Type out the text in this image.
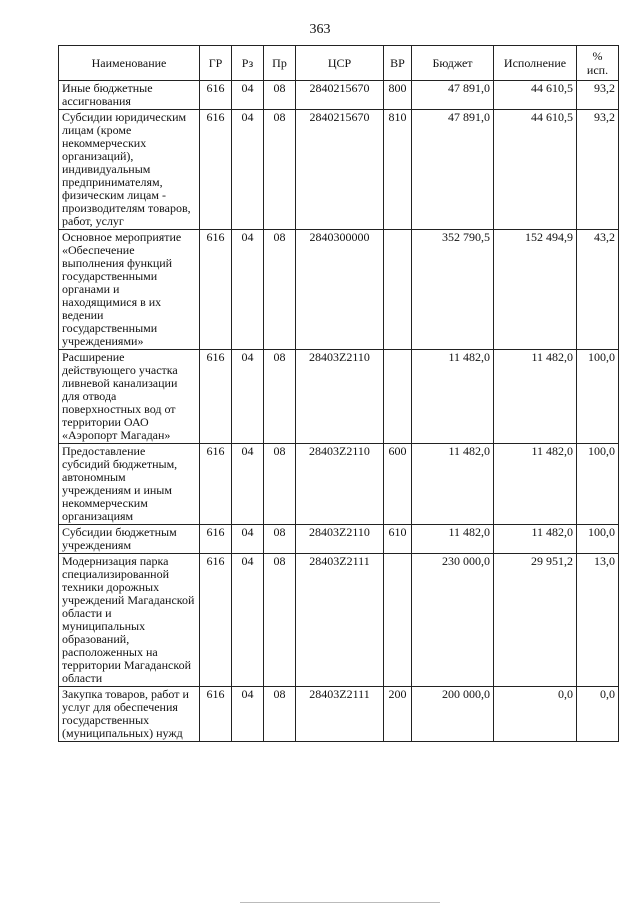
363
Наименование	ГР	Рз	Пр	ЦСР	ВР	Бюджет	Исполнение	%
исп.
Иные бюджетные ассигнования	616	04	08	2840215670	800	47 891,0	44 610,5	93,2
Субсидии юридическим лицам (кроме некоммерческих организаций), индивидуальным предпринимателям, физическим лицам - производителям товаров, работ, услуг	616	04	08	2840215670	810	47 891,0	44 610,5	93,2
Основное мероприятие «Обеспечение выполнения функций государственными органами и находящимися в их ведении государственными учреждениями»	616	04	08	2840300000		352 790,5	152 494,9	43,2
Расширение действующего участка ливневой канализации для отвода поверхностных вод от территории ОАО «Аэропорт Магадан»	616	04	08	28403Z2110		11 482,0	11 482,0	100,0
Предоставление субсидий бюджетным, автономным учреждениям и иным некоммерческим организациям	616	04	08	28403Z2110	600	11 482,0	11 482,0	100,0
Субсидии бюджетным учреждениям	616	04	08	28403Z2110	610	11 482,0	11 482,0	100,0
Модернизация парка специализированной техники дорожных учреждений Магаданской области и муниципальных образований, расположенных на территории Магаданской области	616	04	08	28403Z2111		230 000,0	29 951,2	13,0
Закупка товаров, работ и услуг для обеспечения государственных (муниципальных) нужд	616	04	08	28403Z2111	200	200 000,0	0,0	0,0
